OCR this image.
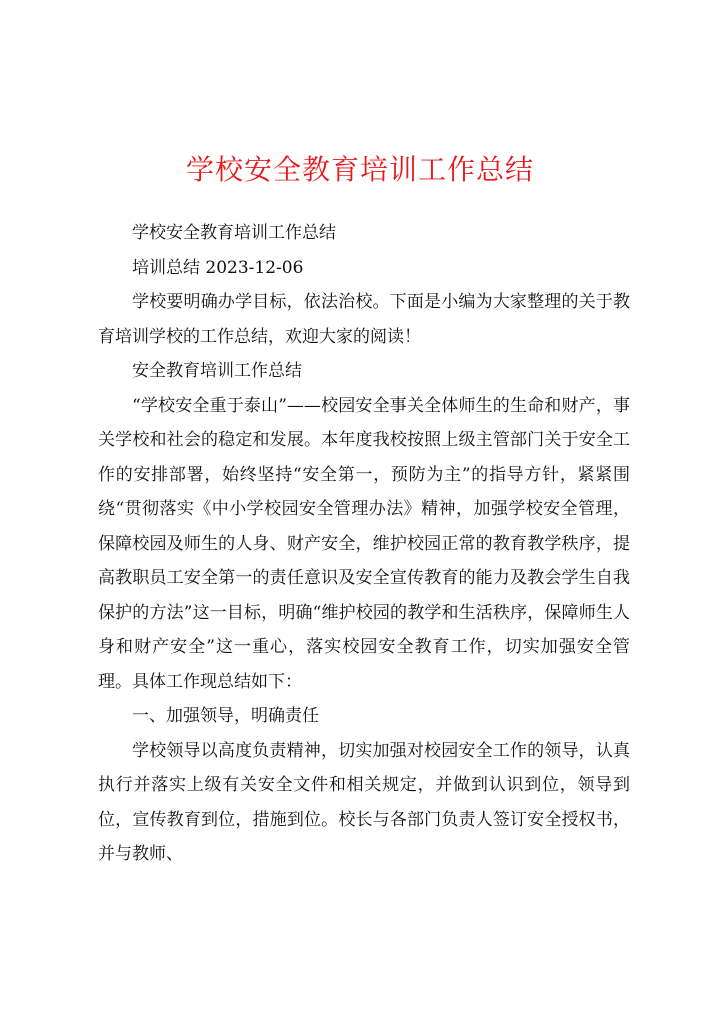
学校安全教育培训工作总结

学校安全教育培训工作总结

培训总结 2023-12-06

学校要明确办学目标，依法治校。下面是小编为大家整理的关于教育培训学校的工作总结，欢迎大家的阅读！

安全教育培训工作总结

“学校安全重于泰山”——校园安全事关全体师生的生命和财产，事关学校和社会的稳定和发展。本年度我校按照上级主管部门关于安全工作的安排部署，始终坚持“安全第一，预防为主”的指导方针，紧紧围绕“贯彻落实《中小学校园安全管理办法》精神，加强学校安全管理，保障校园及师生的人身、财产安全，维护校园正常的教育教学秩序，提高教职员工安全第一的责任意识及安全宣传教育的能力及教会学生自我保护的方法”这一目标，明确“维护校园的教学和生活秩序，保障师生人身和财产安全”这一重心，落实校园安全教育工作，切实加强安全管理。具体工作现总结如下：

一、加强领导，明确责任

学校领导以高度负责精神，切实加强对校园安全工作的领导，认真执行并落实上级有关安全文件和相关规定，并做到认识到位，领导到位，宣传教育到位，措施到位。校长与各部门负责人签订安全授权书，并与教师、
